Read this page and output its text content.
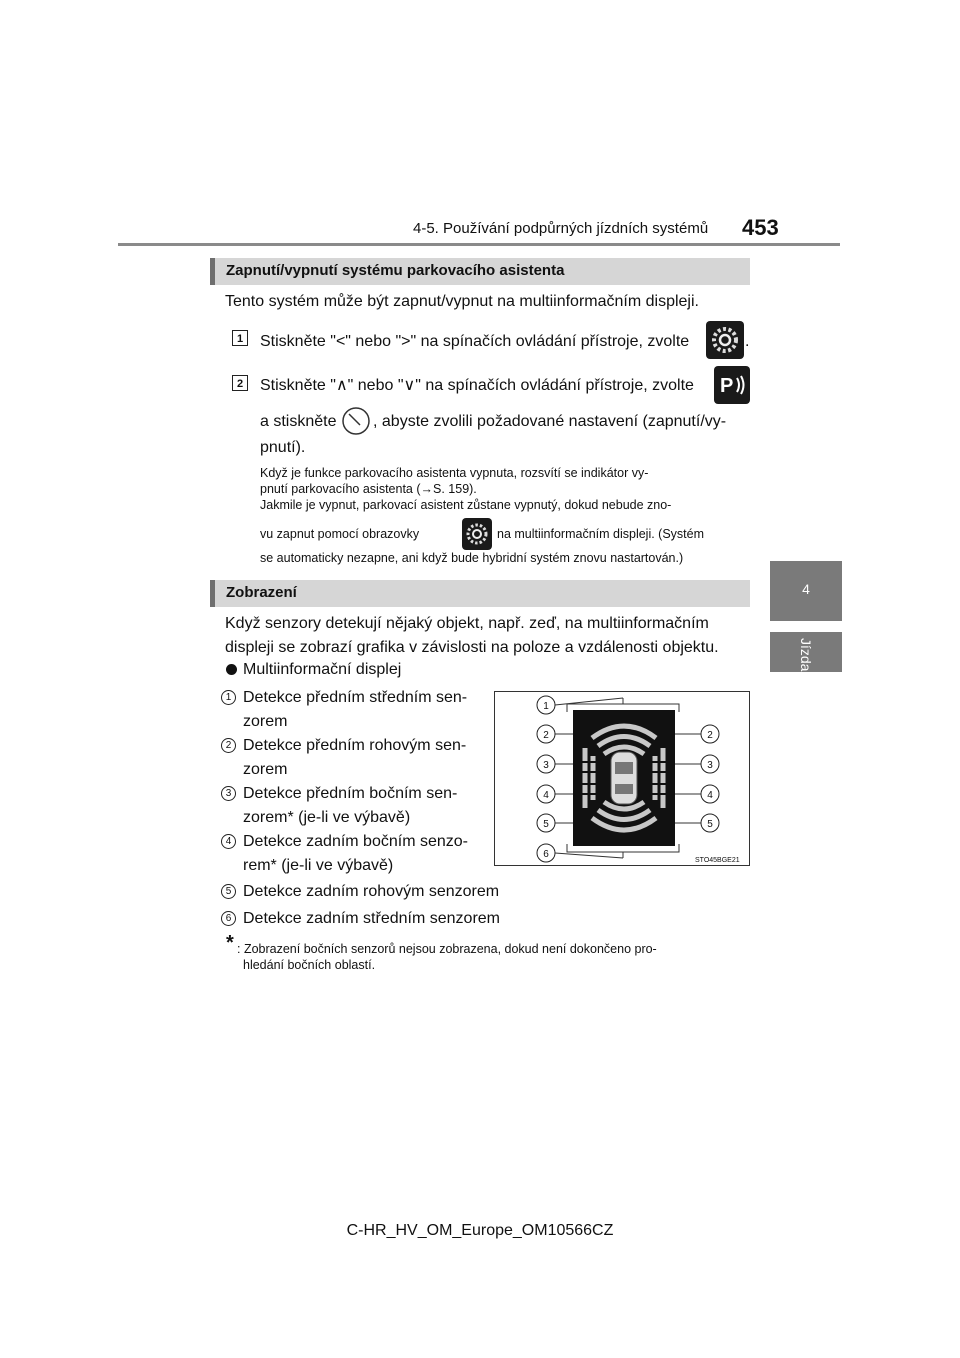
4-5. Používání podpůrných jízdních systémů 453
4
Jízda
Zapnutí/vypnutí systému parkovacího asistenta
Tento systém může být zapnut/vypnut na multiinformačním displeji.
1	Stiskněte "<" nebo ">" na spínačích ovládání přístroje, zvolte	.
2	Stiskněte "∧" nebo "∨" na spínačích ovládání přístroje, zvolte P
a stiskněte , abyste zvolili požadované nastavení (zapnutí/vy-
pnutí).
Když je funkce parkovacího asistenta vypnuta, rozsvítí se indikátor vy-
pnutí parkovacího asistenta (→S. 159).
Jakmile je vypnut, parkovací asistent zůstane vypnutý, dokud nebude zno-
vu zapnut pomocí obrazovky	na multiinformačním displeji. (Systém
se automaticky nezapne, ani když bude hybridní systém znovu nastartován.)
Zobrazení
Když senzory detekují nějaký objekt, např. zeď, na multiinformačním
displeji se zobrazí grafika v závislosti na poloze a vzdálenosti objektu.
Multiinformační displej
1 Detekce předním středním sen-
zorem
2 Detekce předním rohovým sen-
zorem
3 Detekce předním bočním sen-
zorem* (je-li ve výbavě)
4 Detekce zadním bočním senzo-
rem* (je-li ve výbavě)
5 Detekce zadním rohovým senzorem
6 Detekce zadním středním senzorem
* : Zobrazení bočních senzorů nejsou zobrazena, dokud není dokončeno pro-
hledání bočních oblastí.
1
2	2
3	3
4	4
5	5
6
STO45BGE21
C-HR_HV_OM_Europe_OM10566CZ
